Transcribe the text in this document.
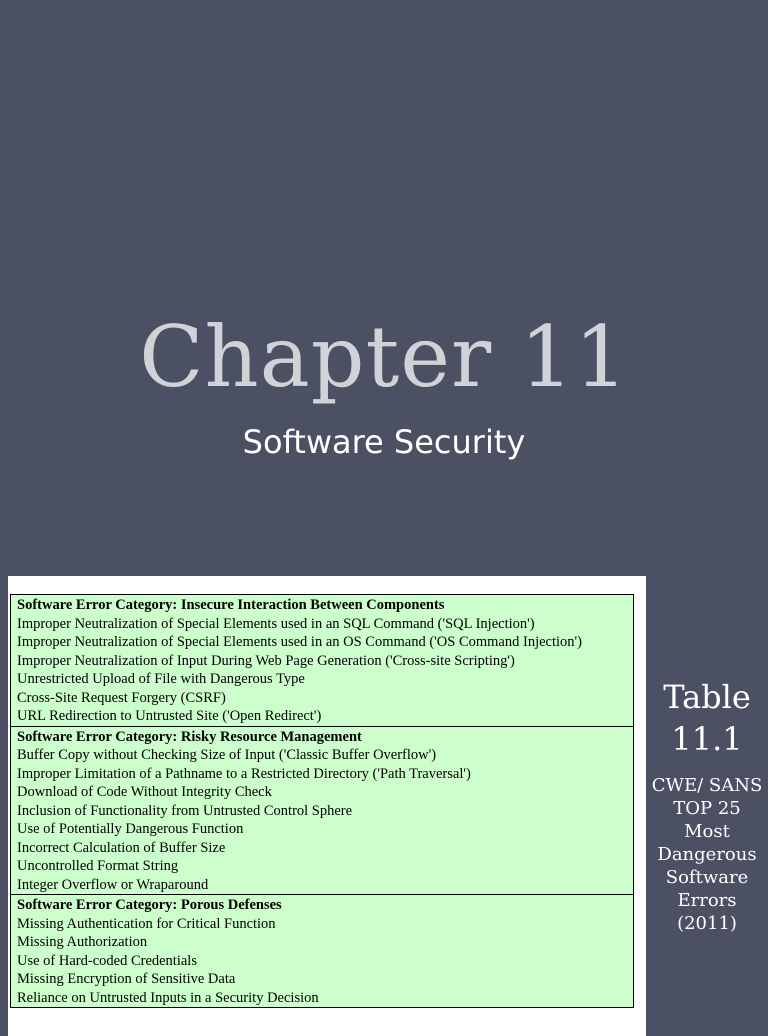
Chapter 11
Software Security
Software Error Category: Insecure Interaction Between Components
Improper Neutralization of Special Elements used in an SQL Command ('SQL Injection')
Improper Neutralization of Special Elements used in an OS Command ('OS Command Injection')
Improper Neutralization of Input During Web Page Generation ('Cross-site Scripting')
Unrestricted Upload of File with Dangerous Type
Cross-Site Request Forgery (CSRF)
URL Redirection to Untrusted Site ('Open Redirect')
Software Error Category: Risky Resource Management
Buffer Copy without Checking Size of Input ('Classic Buffer Overflow')
Improper Limitation of a Pathname to a Restricted Directory ('Path Traversal')
Download of Code Without Integrity Check
Inclusion of Functionality from Untrusted Control Sphere
Use of Potentially Dangerous Function
Incorrect Calculation of Buffer Size
Uncontrolled Format String
Integer Overflow or Wraparound
Software Error Category: Porous Defenses
Missing Authentication for Critical Function
Missing Authorization
Use of Hard-coded Credentials
Missing Encryption of Sensitive Data
Reliance on Untrusted Inputs in a Security Decision
Table
11.1
CWE/ SANS TOP 25 Most Dangerous Software Errors (2011)
